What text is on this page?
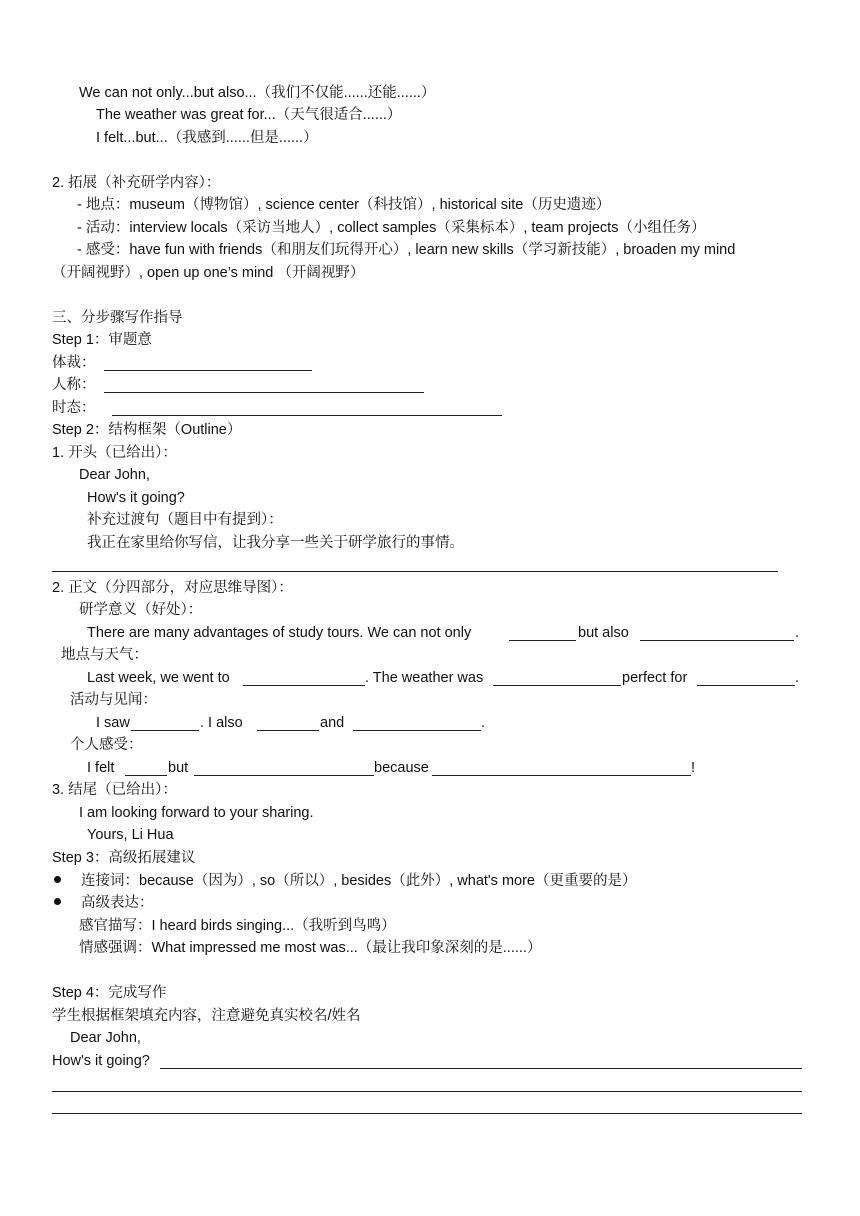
We can not only...but also...（我们不仅能......还能......）
The weather was great for...（天气很适合......）
I felt...but...（我感到......但是......）
2. 拓展（补充研学内容）：
- 地点：museum（博物馆）, science center（科技馆）, historical site（历史遗迹）
- 活动：interview locals（采访当地人）, collect samples（采集标本）, team projects（小组任务）
- 感受：have fun with friends（和朋友们玩得开心）, learn new skills（学习新技能）, broaden my mind
（开阔视野）, open up one’s mind （开阔视野）
三、分步骤写作指导
Step 1：审题意
体裁：
人称：
时态：
Step 2：结构框架（Outline）
1. 开头（已给出）：
Dear John,
How's it going?
补充过渡句（题目中有提到）：
我正在家里给你写信，让我分享一些关于研学旅行的事情。
2. 正文（分四部分，对应思维导图）：
研学意义（好处）：
There are many advantages of study tours. We can not only	but also	.
地点与天气：
Last week, we went to	. The weather was	perfect for	.
活动与见闻：
I saw	. I also	and	.
个人感受：
I felt	but	because	!
3. 结尾（已给出）：
I am looking forward to your sharing.
Yours, Li Hua
Step 3：高级拓展建议
连接词：because（因为）, so（所以）, besides（此外）, what's more（更重要的是）
高级表达：
感官描写：I heard birds singing...（我听到鸟鸣）
情感强调：What impressed me most was...（最让我印象深刻的是......）
Step 4：完成写作
学生根据框架填充内容，注意避免真实校名/姓名
Dear John,
How's it going?
